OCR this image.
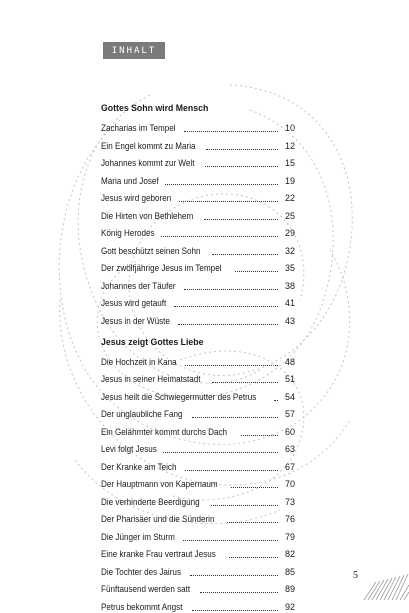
INHALT
Gottes Sohn wird Mensch
Zacharias im Tempel	10
Ein Engel kommt zu Maria	12
Johannes kommt zur Welt	15
Maria und Josef	19
Jesus wird geboren	22
Die Hirten von Bethlehem	25
König Herodes	29
Gott beschützt seinen Sohn	32
Der zwölfjährige Jesus im Tempel	35
Johannes der Täufer	38
Jesus wird getauft	41
Jesus in der Wüste	43
Jesus zeigt Gottes Liebe
Die Hochzeit in Kana	48
Jesus in seiner Heimatstadt	51
Jesus heilt die Schwiegermutter des Petrus	54
Der unglaubliche Fang	57
Ein Gelähmter kommt durchs Dach	60
Levi folgt Jesus	63
Der Kranke am Teich	67
Der Hauptmann von Kapernaum	70
Die verhinderte Beerdigung	73
Der Pharisäer und die Sünderin	76
Die Jünger im Sturm	79
Eine kranke Frau vertraut Jesus	82
Die Tochter des Jairus	85
Fünftausend werden satt	89
Petrus bekommt Angst	92
5
